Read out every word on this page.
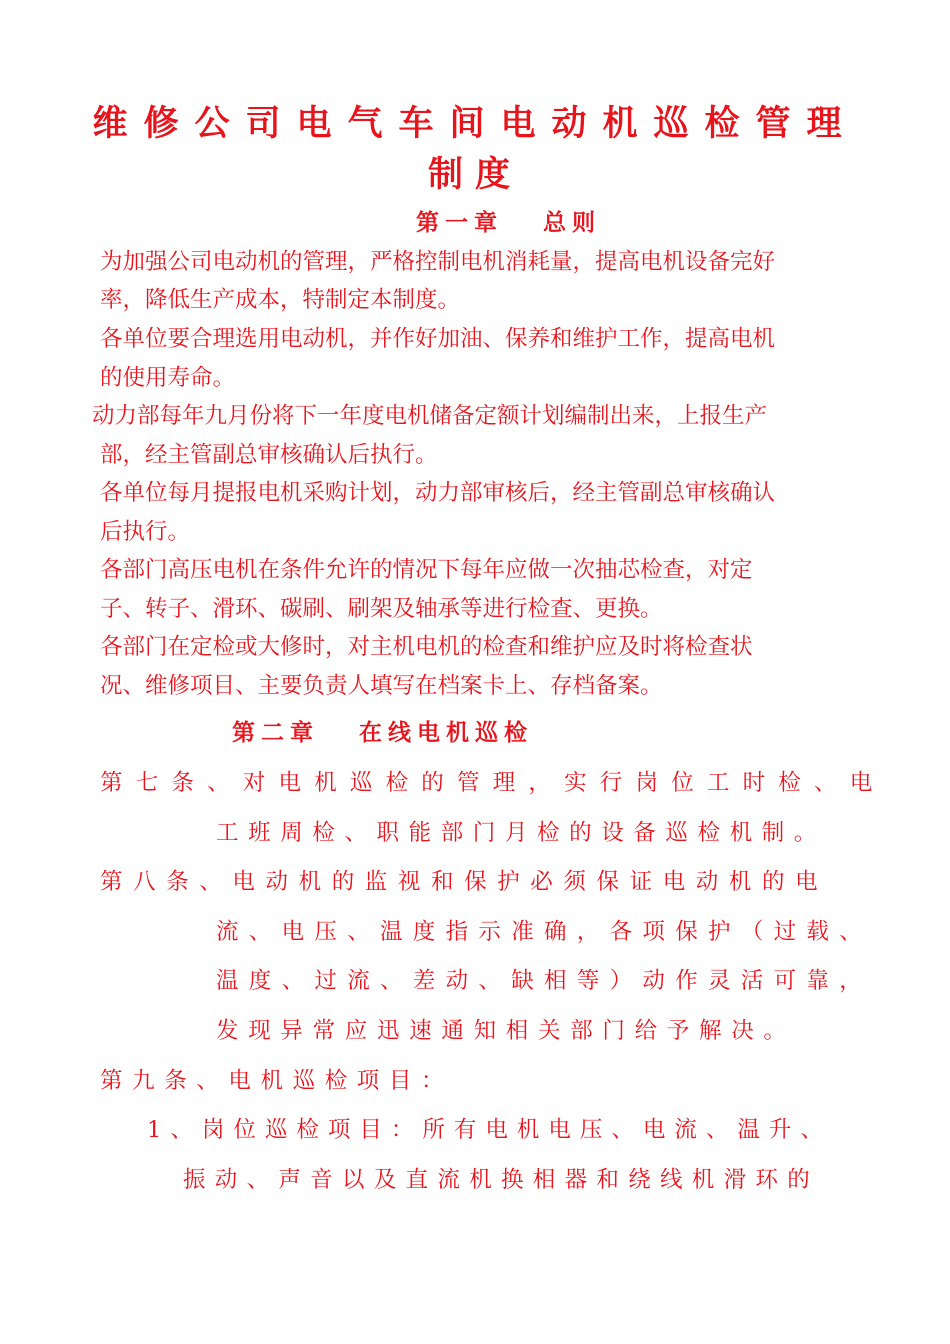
维修公司电气车间电动机巡检管理
制度
第一章 总则
为加强公司电动机的管理，严格控制电机消耗量，提高电机设备完好
率，降低生产成本，特制定本制度。
各单位要合理选用电动机，并作好加油、保养和维护工作，提高电机
的使用寿命。
动力部每年九月份将下一年度电机储备定额计划编制出来，上报生产
部，经主管副总审核确认后执行。
各单位每月提报电机采购计划，动力部审核后，经主管副总审核确认
后执行。
各部门高压电机在条件允许的情况下每年应做一次抽芯检查，对定
子、转子、滑环、碳刷、刷架及轴承等进行检查、更换。
各部门在定检或大修时，对主机电机的检查和维护应及时将检查状
况、维修项目、主要负责人填写在档案卡上、存档备案。
第二章 在线电机巡检
第七条、对电机巡检的管理，实行岗位工时检、电
工班周检、职能部门月检的设备巡检机制。
第八条、电动机的监视和保护必须保证电动机的电
流、电压、温度指示准确，各项保护（过载、
温度、过流、差动、缺相等）动作灵活可靠，
发现异常应迅速通知相关部门给予解决。
第九条、电机巡检项目：
1、岗位巡检项目：所有电机电压、电流、温升、
振动、声音以及直流机换相器和绕线机滑环的
